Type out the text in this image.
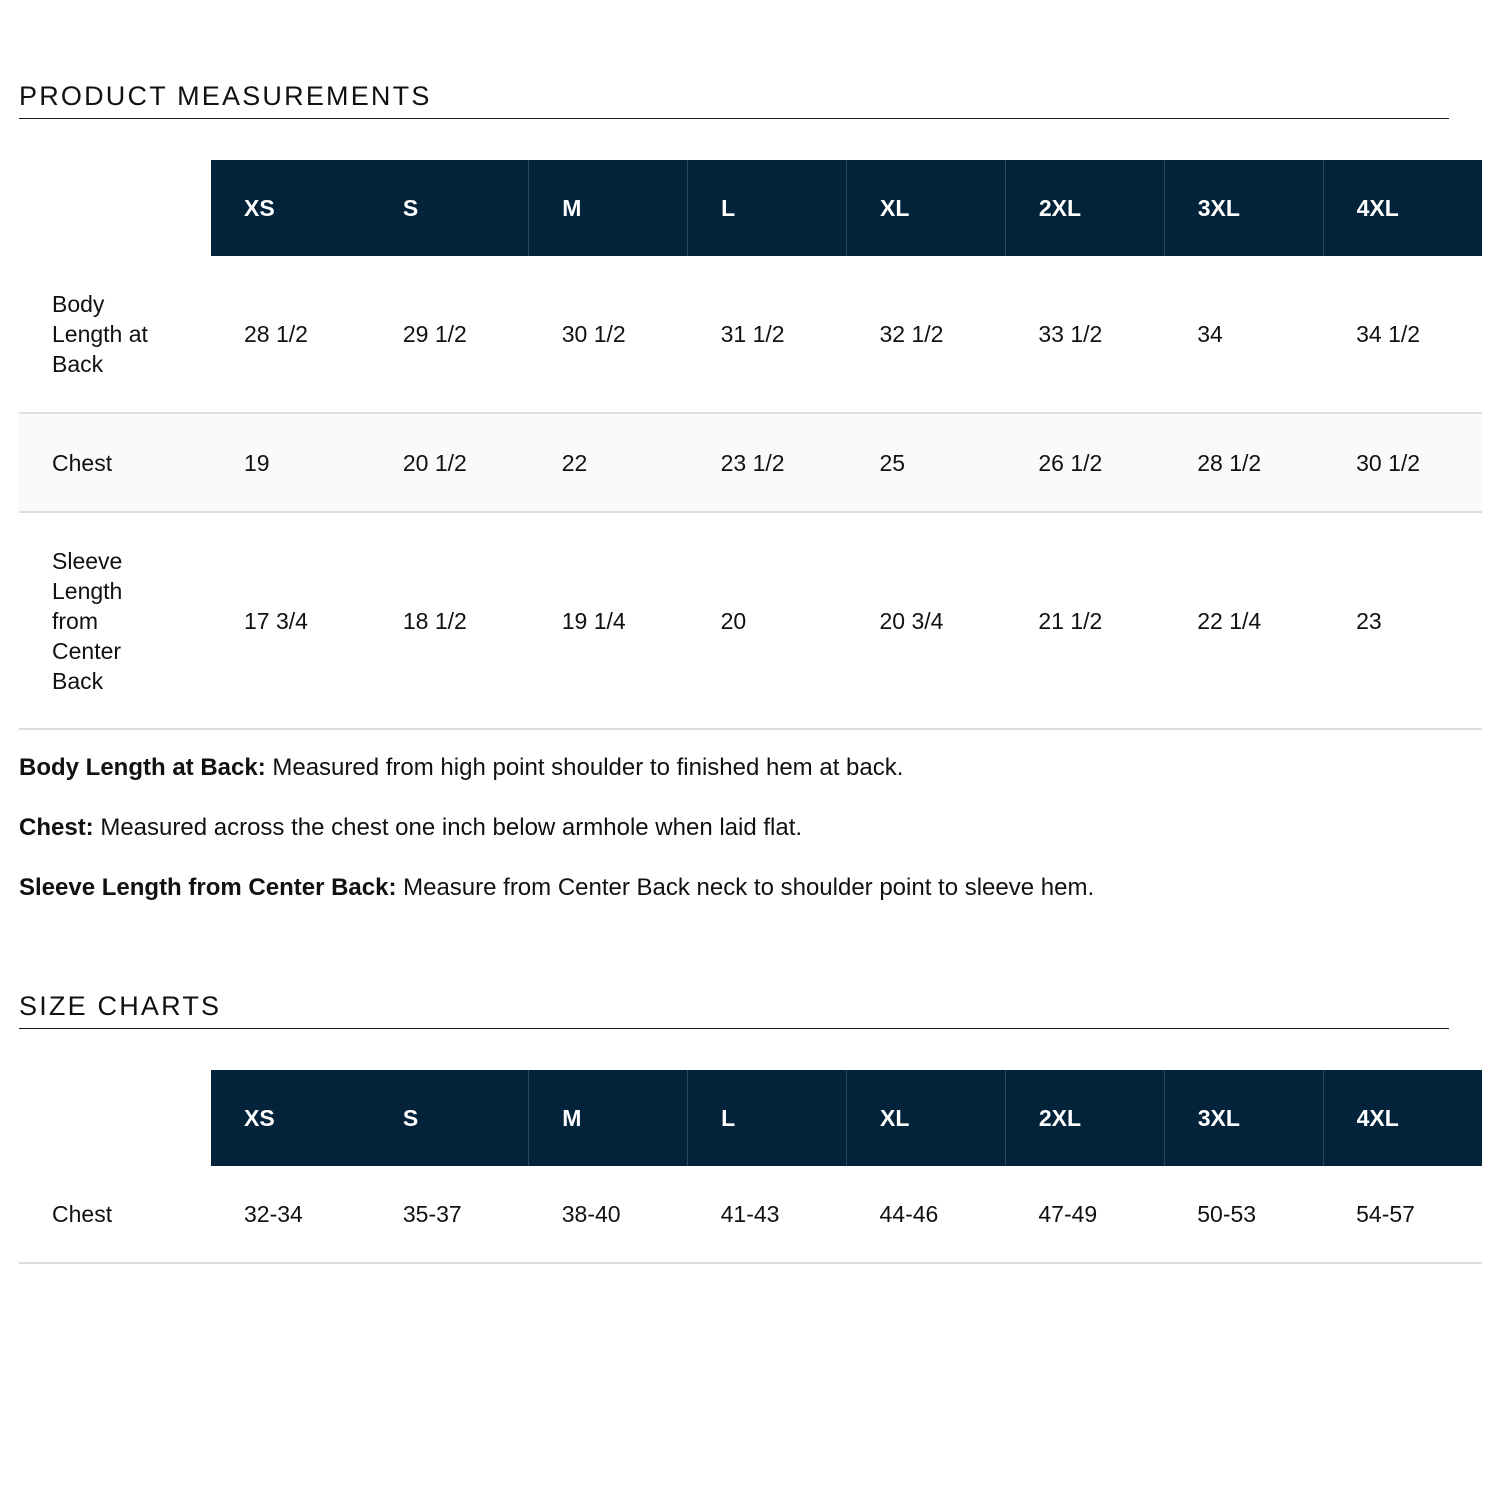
PRODUCT MEASUREMENTS
	XS	S	M	L	XL	2XL	3XL	4XL
Body Length at Back	28 1/2	29 1/2	30 1/2	31 1/2	32 1/2	33 1/2	34	34 1/2
Chest	19	20 1/2	22	23 1/2	25	26 1/2	28 1/2	30 1/2
Sleeve Length from Center Back	17 3/4	18 1/2	19 1/4	20	20 3/4	21 1/2	22 1/4	23

Body Length at Back: Measured from high point shoulder to finished hem at back.

Chest: Measured across the chest one inch below armhole when laid flat.

Sleeve Length from Center Back: Measure from Center Back neck to shoulder point to sleeve hem.

SIZE CHARTS
	XS	S	M	L	XL	2XL	3XL	4XL
Chest	32-34	35-37	38-40	41-43	44-46	47-49	50-53	54-57
